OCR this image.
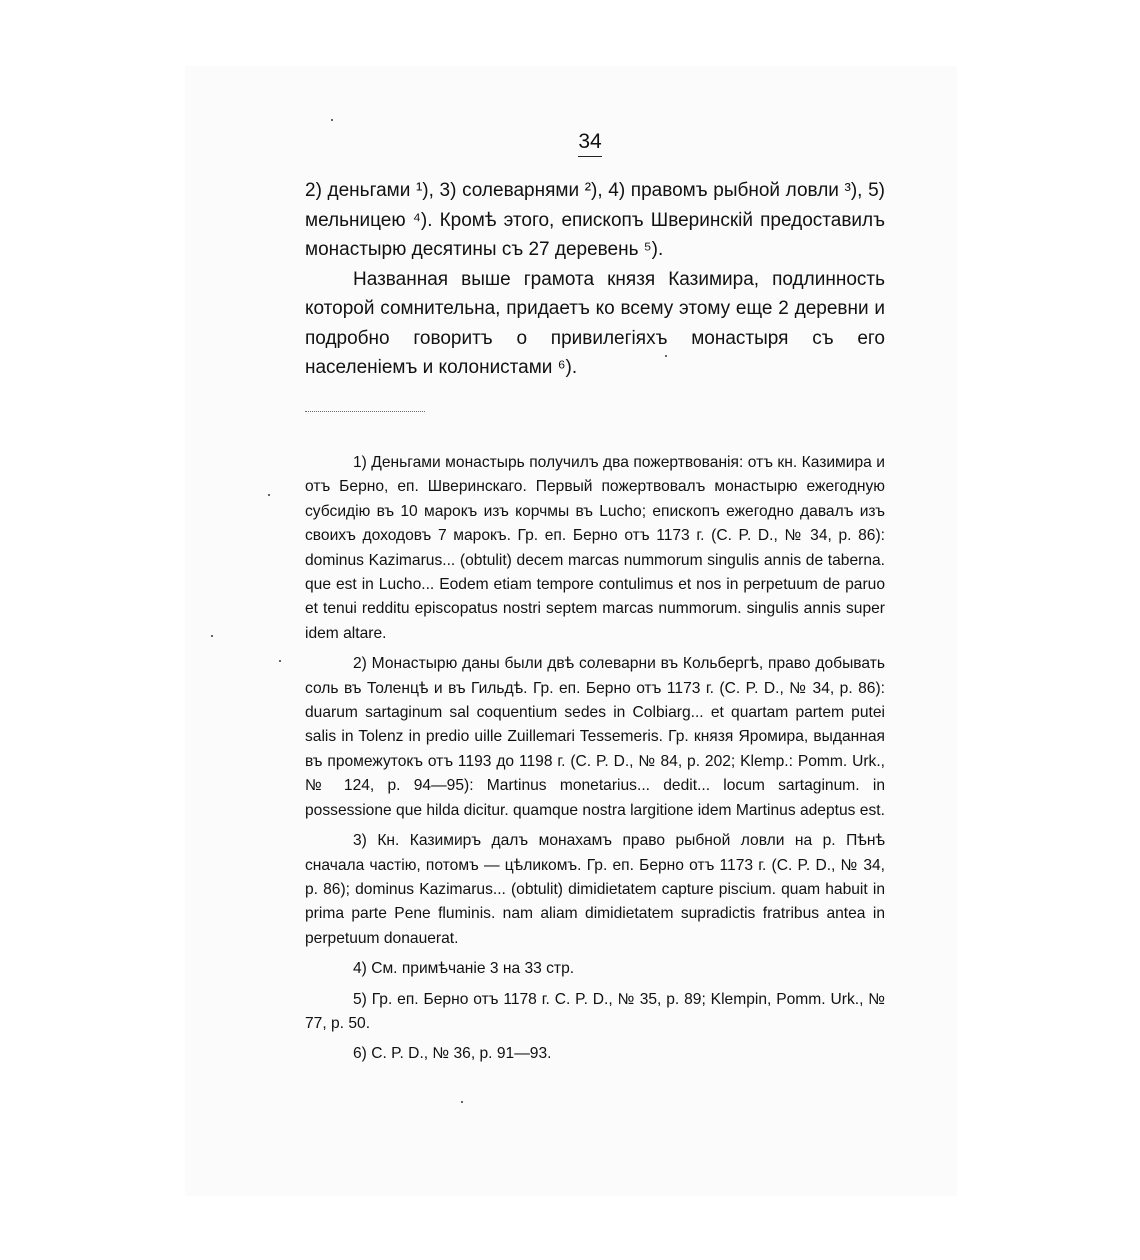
34

2) деньгами ¹), 3) солеварнями ²), 4) правомъ рыбной ловли ³), 5) мельницею ⁴). Кромѣ этого, епископъ Шверинскій предоставилъ монастырю десятины съ 27 деревень ⁵).

Названная выше грамота князя Казимира, подлинность которой сомнительна, придаетъ ко всему этому еще 2 деревни и подробно говоритъ о привилегіяхъ монастыря съ его населеніемъ и колонистами ⁶).

1) Деньгами монастырь получилъ два пожертвованія: отъ кн. Казимира и отъ Берно, еп. Шверинскаго. Первый пожертвовалъ монастырю ежегодную субсидію въ 10 марокъ изъ корчмы въ Lucho; епископъ ежегодно давалъ изъ своихъ доходовъ 7 марокъ. Гр. еп. Берно отъ 1173 г. (C. P. D., № 34, p. 86): dominus Kazimarus... (obtulit) decem marcas nummorum singulis annis de taberna. que est in Lucho... Eodem etiam tempore contulimus et nos in perpetuum de paruo et tenui redditu episcopatus nostri septem marcas nummorum. singulis annis super idem altare.

2) Монастырю даны были двѣ солеварни въ Кольбергѣ, право добывать соль въ Толенцѣ и въ Гильдѣ. Гр. еп. Берно отъ 1173 г. (C. P. D., № 34, p. 86): duarum sartaginum sal coquentium sedes in Colbiarg... et quartam partem putei salis in Tolenz in predio uille Zuillemari Tessemeris. Гр. князя Яромира, выданная въ промежутокъ отъ 1193 до 1198 г. (C. P. D., № 84, p. 202; Klemp.: Pomm. Urk., № 124, p. 94—95): Martinus monetarius... dedit... locum sartaginum. in possessione que hilda dicitur. quamque nostra largitione idem Martinus adeptus est.

3) Кн. Казимиръ далъ монахамъ право рыбной ловли на р. Пѣнѣ сначала частію, потомъ — цѣликомъ. Гр. еп. Берно отъ 1173 г. (C. P. D., № 34, p. 86); dominus Kazimarus... (obtulit) dimidietatem capture piscium. quam habuit in prima parte Pene fluminis. nam aliam dimidietatem supradictis fratribus antea in perpetuum donauerat.

4) См. примѣчаніе 3 на 33 стр.

5) Гр. еп. Берно отъ 1178 г. C. P. D., № 35, p. 89; Klempin, Pomm. Urk., № 77, p. 50.

6) C. P. D., № 36, p. 91—93.
